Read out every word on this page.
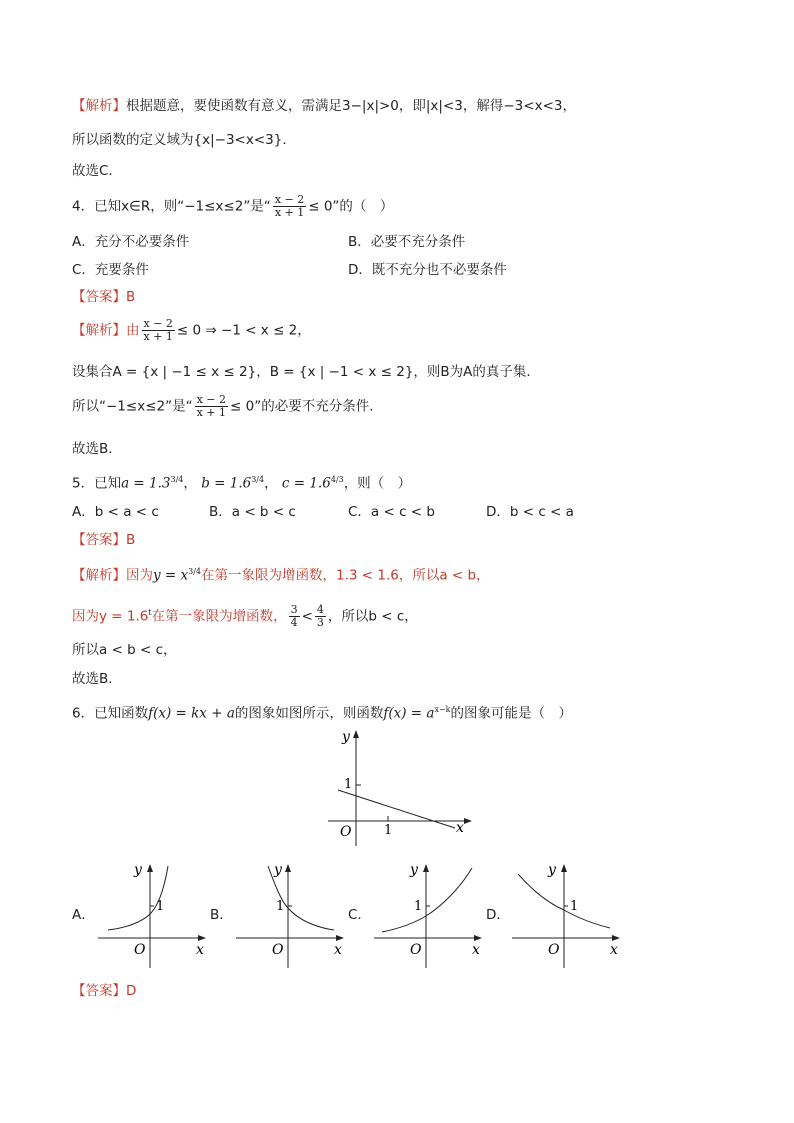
【解析】根据题意，要使函数有意义，需满足3−|x|>0，即|x|<3，解得−3<x<3，
所以函数的定义域为{x|−3<x<3}.
故选C．
4．已知x∈R，则“−1≤x≤2”是“ $\frac{x - 2}{x + 1} \le 0$”的（　）
A．充分不必要条件	B．必要不充分条件
C．充要条件	D．既不充分也不必要条件
【答案】B
【解析】由 $\frac{x - 2}{x + 1} \le 0$ ⇒ −1 < x ≤ 2，
设集合A = {x | −1 ≤ x ≤ 2}，B = {x | −1 < x ≤ 2}，则B为A的真子集.
所以“−1≤x≤2”是“ $\frac{x - 2}{x + 1} \le 0$”的必要不充分条件.
故选B．
5．已知$a = 1.3^{3/4}$， $b = 1.6^{3/4}$， $c = 1.6^{4/3}$，则（　）
A．b < a < c	B．a < b < c	C．a < c < b	D．b < c < a
【答案】B
【解析】因为$y = x^{3/4}$在第一象限为增函数，1.3 < 1.6，所以a < b，
因为$y = 1.6^t$在第一象限为增函数， $\frac{3}{4} < \frac{4}{3}$ ，所以b < c，
所以a < b < c，
故选B.
6．已知函数f(x) = kx + a的图象如图所示，则函数$f(x) = a^{x-k}$的图象可能是（　）
y
x
O
1
1
A．
y
1
O	x
B．
y
1
O	x
C．
y
1
O	x
D．
y
1
O	x
【答案】D
